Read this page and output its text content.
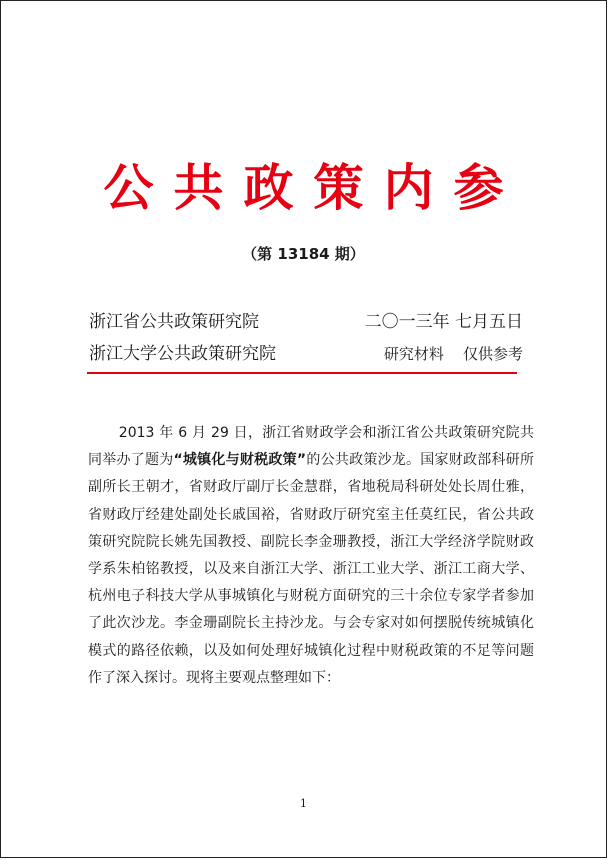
公共政策内参
（第 13184 期）
浙江省公共政策研究院	二〇一三年 七月五日
浙江大学公共政策研究院	研究材料    仅供参考

2013 年 6 月 29 日，浙江省财政学会和浙江省公共政策研究院共同举办了题为“城镇化与财税政策”的公共政策沙龙。国家财政部科研所副所长王朝才，省财政厅副厅长金慧群，省地税局科研处处长周仕雅，省财政厅经建处副处长戚国裕，省财政厅研究室主任莫红民，省公共政策研究院院长姚先国教授、副院长李金珊教授，浙江大学经济学院财政学系朱柏铭教授，以及来自浙江大学、浙江工业大学、浙江工商大学、杭州电子科技大学从事城镇化与财税方面研究的三十余位专家学者参加了此次沙龙。李金珊副院长主持沙龙。与会专家对如何摆脱传统城镇化模式的路径依赖，以及如何处理好城镇化过程中财税政策的不足等问题作了深入探讨。现将主要观点整理如下：

1
